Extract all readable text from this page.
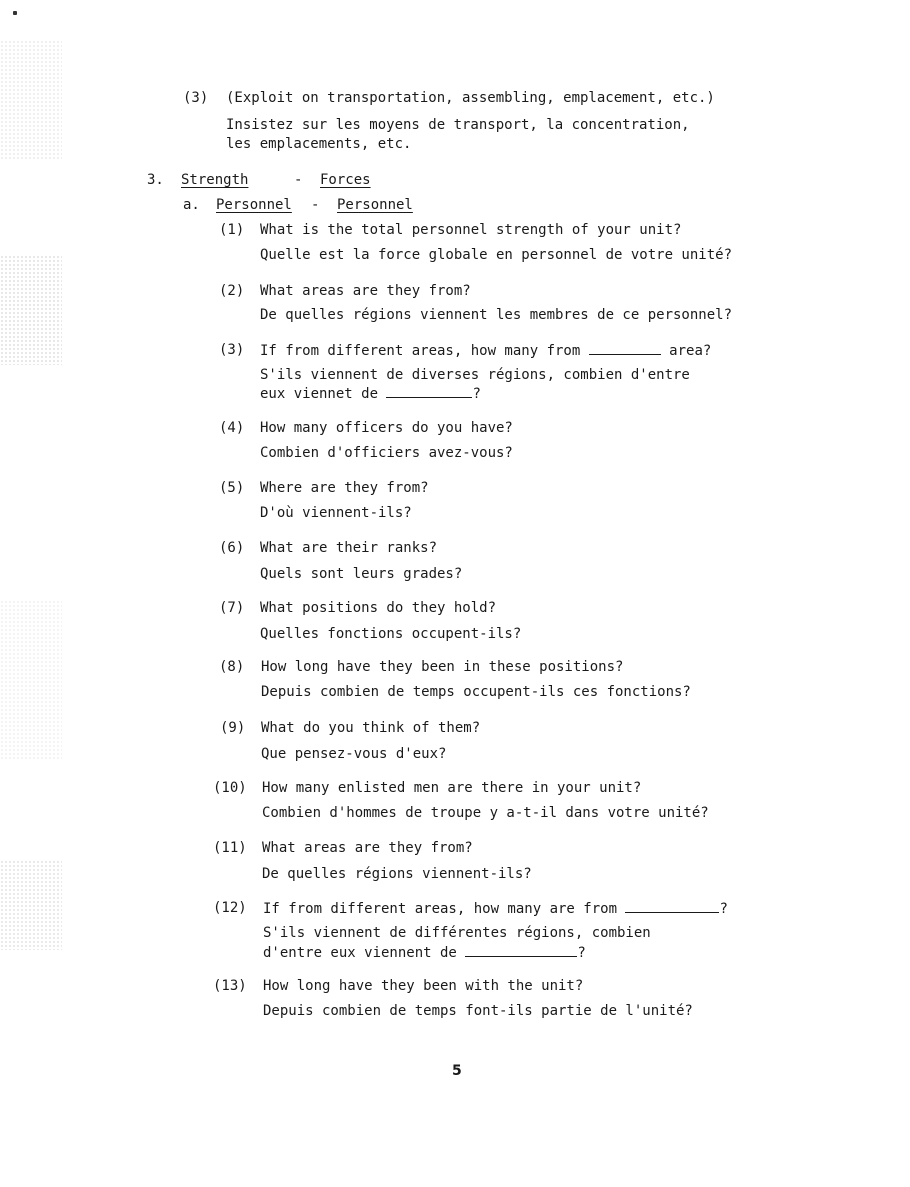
(3) (Exploit on transportation, assembling, emplacement, etc.)
Insistez sur les moyens de transport, la concentration,
les emplacements, etc.
3. Strength	- Forces
a. Personnel - Personnel
(1) What is the total personnel strength of your unit?
Quelle est la force globale en personnel de votre unité?
(2) What areas are they from?
De quelles régions viennent les membres de ce personnel?
(3) If from different areas, how many from	area?
S'ils viennent de diverses régions, combien d'entre
eux viennet de	?
(4) How many officers do you have?
Combien d'officiers avez-vous?
(5) Where are they from?
D'où viennent-ils?
(6) What are their ranks?
Quels sont leurs grades?
(7) What positions do they hold?
Quelles fonctions occupent-ils?
(8) How long have they been in these positions?
Depuis combien de temps occupent-ils ces fonctions?
(9) What do you think of them?
Que pensez-vous d'eux?
(10) How many enlisted men are there in your unit?
Combien d'hommes de troupe y a-t-il dans votre unité?
(11) What areas are they from?
De quelles régions viennent-ils?
(12) If from different areas, how many are from	?
S'ils viennent de différentes régions, combien
d'entre eux viennent de	?
(13) How long have they been with the unit?
Depuis combien de temps font-ils partie de l'unité?
5
